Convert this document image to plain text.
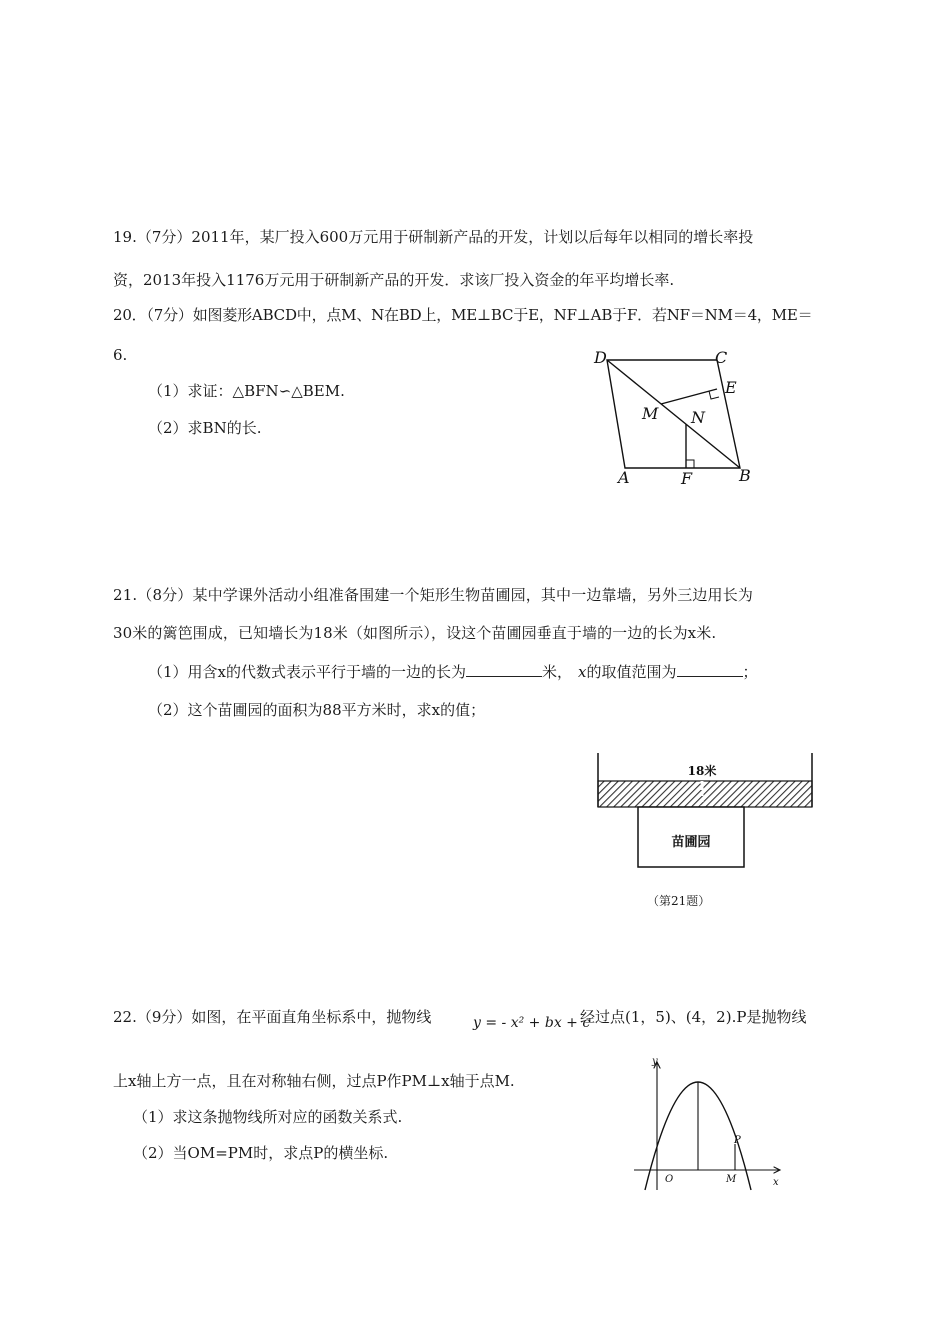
19.（7分）2011年，某厂投入600万元用于研制新产品的开发，计划以后每年以相同的增长率投
资，2013年投入1176万元用于研制新产品的开发．求该厂投入资金的年平均增长率.
20．（7分）如图菱形ABCD中，点M、N在BD上，ME⊥BC于E，NF⊥AB于F．若NF＝NM＝4，ME＝
6.
（1）求证：△BFN∽△BEM.
（2）求BN的长.
D	C
E
M N
A	F	B
21.（8分）某中学课外活动小组准备围建一个矩形生物苗圃园，其中一边靠墙，另外三边用长为
30米的篱笆围成，已知墙长为18米（如图所示），设这个苗圃园垂直于墙的一边的长为x米.
（1）用含x的代数式表示平行于墙的一边的长为	米， x的取值范围为	；
（2）这个苗圃园的面积为88平方米时，求x的值；
18米
苗圃园
（第21题）
22.（9分）如图，在平面直角坐标系中，抛物线	y = - x² + bx + c
经过点(1，5)、(4，2).P是抛物线
上x轴上方一点，且在对称轴右侧，过点P作PM⊥x轴于点M.
（1）求这条抛物线所对应的函数关系式.
（2）当OM=PM时，求点P的横坐标.
y
x
O	M
P
